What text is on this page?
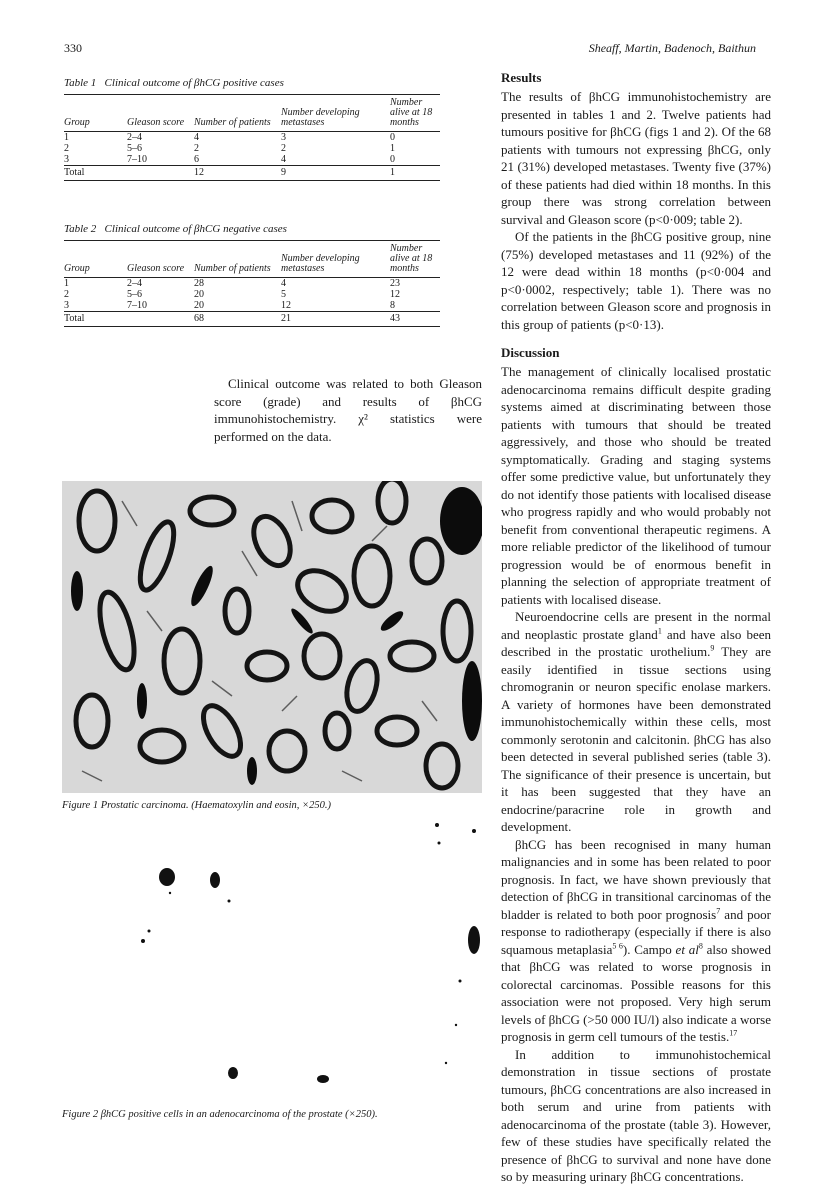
330	Sheaff, Martin, Badenoch, Baithun
Table 1 Clinical outcome of βhCG positive cases
Group	Gleason score	Number of patients	Number developing metastases	Number alive at 18 months
1	2–4	4	3	0
2	5–6	2	2	1
3	7–10	6	4	0
Total		12	9	1
Table 2 Clinical outcome of βhCG negative cases
Group	Gleason score	Number of patients	Number developing metastases	Number alive at 18 months
1	2–4	28	4	23
2	5–6	20	5	12
3	7–10	20	12	8
Total		68	21	43

Clinical outcome was related to both Gleason score (grade) and results of βhCG immunohistochemistry. χ² statistics were performed on the data.

Figure 1 Prostatic carcinoma. (Haematoxylin and eosin, ×250.)
Figure 2 βhCG positive cells in an adenocarcinoma of the prostate (×250).
Results

The results of βhCG immunohistochemistry are presented in tables 1 and 2. Twelve patients had tumours positive for βhCG (figs 1 and 2). Of the 68 patients with tumours not expressing βhCG, only 21 (31%) developed metastases. Twenty five (37%) of these patients had died within 18 months. In this group there was strong correlation between survival and Gleason score (p<0·009; table 2).

Of the patients in the βhCG positive group, nine (75%) developed metastases and 11 (92%) of the 12 were dead within 18 months (p<0·004 and p<0·0002, respectively; table 1). There was no correlation between Gleason score and prognosis in this group of patients (p<0·13).

Discussion

The management of clinically localised prostatic adenocarcinoma remains difficult despite grading systems aimed at discriminating between those patients with tumours that should be treated aggressively, and those who should be treated symptomatically. Grading and staging systems offer some predictive value, but unfortunately they do not identify those patients with localised disease who progress rapidly and who would probably not benefit from conventional therapeutic regimens. A more reliable predictor of the likelihood of tumour progression would be of enormous benefit in planning the selection of appropriate treatment of patients with localised disease.

Neuroendocrine cells are present in the normal and neoplastic prostate gland$^1$ and have also been described in the prostatic urothelium.$^9$ They are easily identified in tissue sections using chromogranin or neuron specific enolase markers. A variety of hormones have been demonstrated immunohistochemically within these cells, most commonly serotonin and calcitonin. βhCG has also been detected in several published series (table 3). The significance of their presence is uncertain, but it has been suggested that they have an endocrine/paracrine role in growth and development.

βhCG has been recognised in many human malignancies and in some has been related to poor prognosis. In fact, we have shown previously that detection of βhCG in transitional carcinomas of the bladder is related to both poor prognosis$^7$ and poor response to radiotherapy (especially if there is also squamous metaplasia$^{5 6}$). Campo et $al^8$ also showed that βhCG was related to worse prognosis in colorectal carcinomas. Possible reasons for this association were not proposed. Very high serum levels of βhCG (>50 000 IU/l) also indicate a worse prognosis in germ cell tumours of the testis.$^{17}$

In addition to immunohistochemical demonstration in tissue sections of prostate tumours, βhCG concentrations are also increased in both serum and urine from patients with adenocarcinoma of the prostate (table 3). However, few of these studies have specifically related the presence of βhCG to survival and none have done so by measuring urinary βhCG concentrations.
